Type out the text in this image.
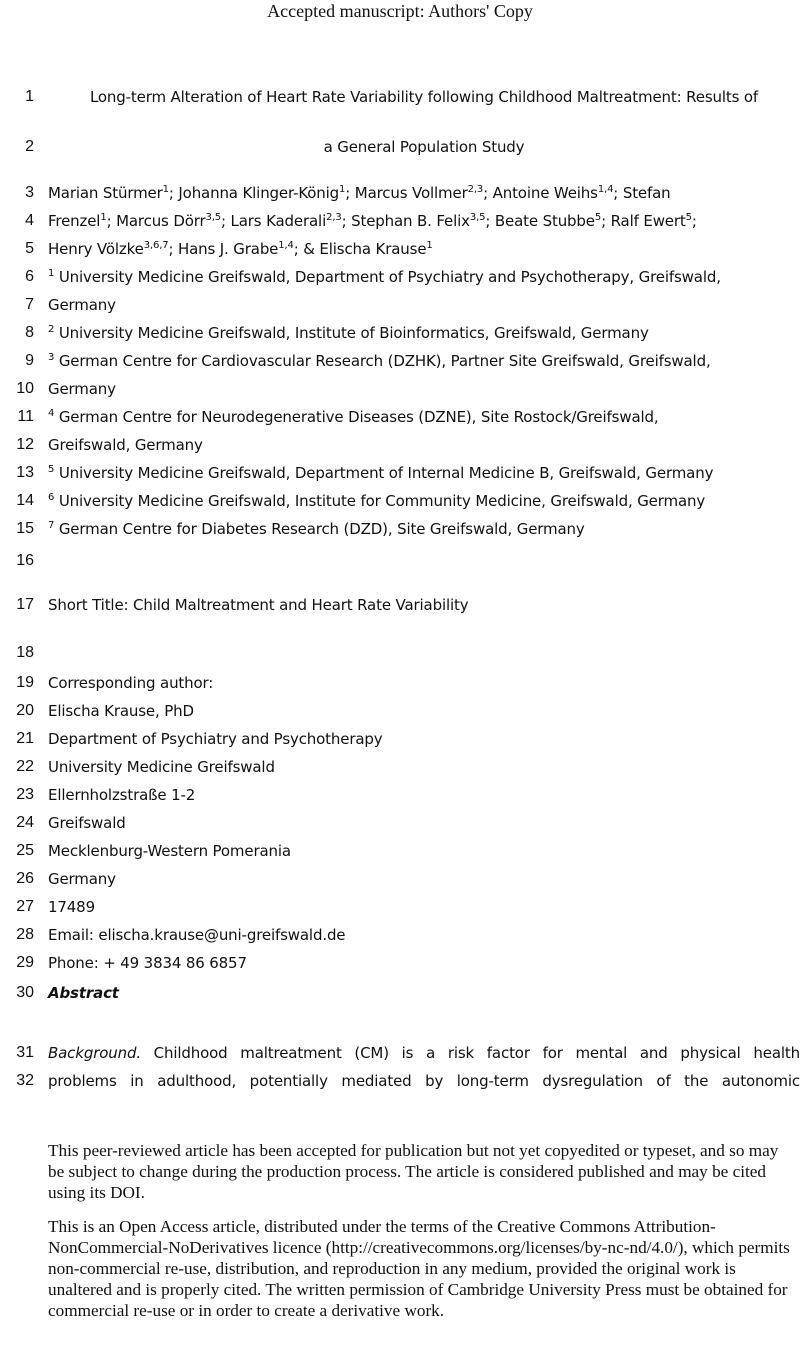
Accepted manuscript: Authors' Copy
1	Long-term Alteration of Heart Rate Variability following Childhood Maltreatment: Results of
2	a General Population Study
3 Marian Stürmer$^1$; Johanna Klinger-König$^1$; Marcus Vollmer$^{2,3}$; Antoine Weihs$^{1,4}$; Stefan
4 Frenzel$^1$; Marcus Dörr$^{3,5}$; Lars Kaderali$^{2,3}$; Stephan B. Felix$^{3,5}$; Beate Stubbe$^5$; Ralf Ewert$^5$;
5 Henry Völzke$^{3,6,7}$; Hans J. Grabe$^{1,4}$; & Elischa Krause$^1$
6 $^1$ University Medicine Greifswald, Department of Psychiatry and Psychotherapy, Greifswald,
7 Germany
8 $^2$ University Medicine Greifswald, Institute of Bioinformatics, Greifswald, Germany
9 $^3$ German Centre for Cardiovascular Research (DZHK), Partner Site Greifswald, Greifswald,
10 Germany
11 $^4$ German Centre for Neurodegenerative Diseases (DZNE), Site Rostock/Greifswald,
12 Greifswald, Germany
13 $^5$ University Medicine Greifswald, Department of Internal Medicine B, Greifswald, Germany
14 $^6$ University Medicine Greifswald, Institute for Community Medicine, Greifswald, Germany
15 $^7$ German Centre for Diabetes Research (DZD), Site Greifswald, Germany
16
17 Short Title: Child Maltreatment and Heart Rate Variability
18
19 Corresponding author:
20 Elischa Krause, PhD
21 Department of Psychiatry and Psychotherapy
22 University Medicine Greifswald
23 Ellernholzstraße 1-2
24 Greifswald
25 Mecklenburg-Western Pomerania
26 Germany
27 17489
28 Email: elischa.krause@uni-greifswald.de
29 Phone: + 49 3834 86 6857
30 Abstract
31 Background. Childhood maltreatment (CM) is a risk factor for mental and physical health
32 problems in adulthood, potentially mediated by long-term dysregulation of the autonomic
This peer-reviewed article has been accepted for publication but not yet copyedited or typeset, and so may be subject to change during the production process. The article is considered published and may be cited using its DOI.
This is an Open Access article, distributed under the terms of the Creative Commons Attribution-NonCommercial-NoDerivatives licence (http://creativecommons.org/licenses/by-nc-nd/4.0/), which permits non-commercial re-use, distribution, and reproduction in any medium, provided the original work is unaltered and is properly cited. The written permission of Cambridge University Press must be obtained for commercial re-use or in order to create a derivative work.
